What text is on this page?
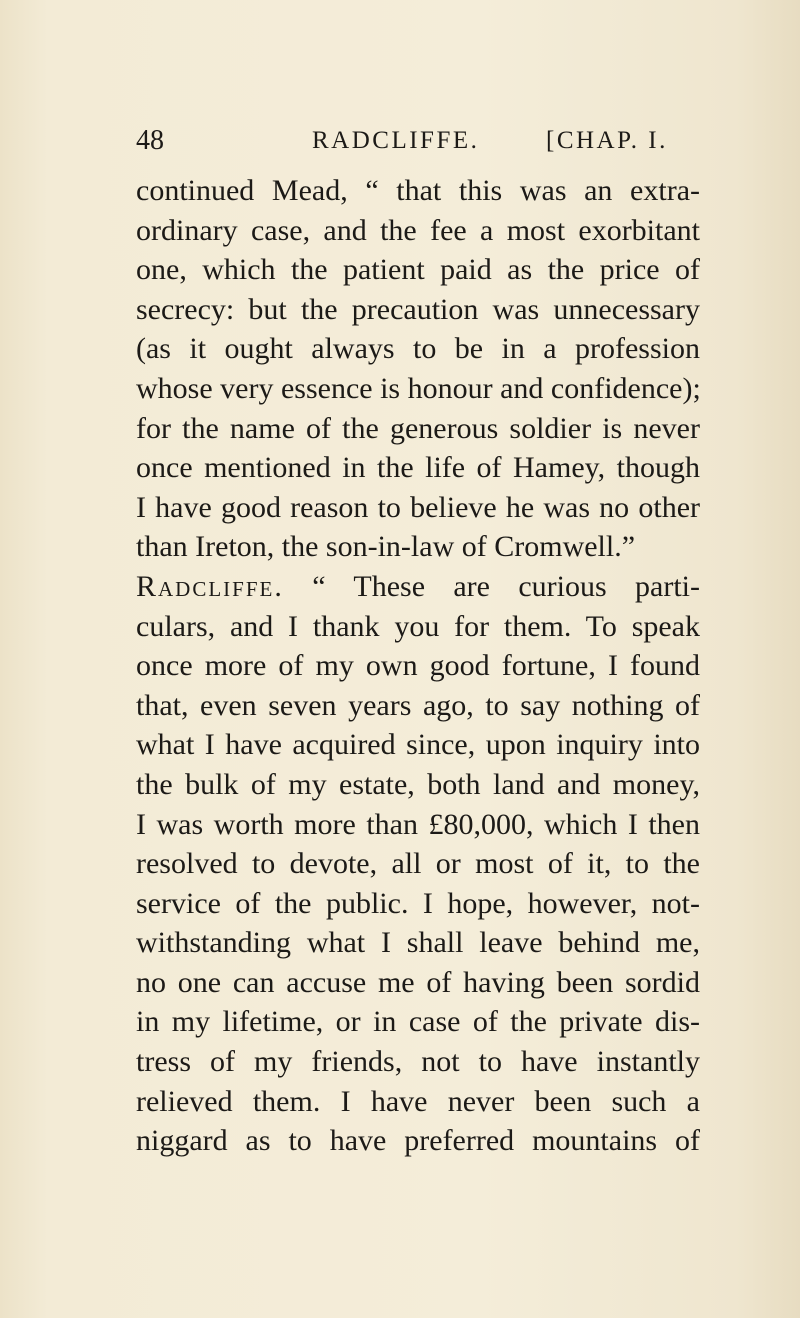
48	RADCLIFFE.	[CHAP. I.
continued Mead, “ that this was an extra-
ordinary case, and the fee a most exorbitant
one, which the patient paid as the price of
secrecy: but the precaution was unnecessary
(as it ought always to be in a profession
whose very essence is honour and confidence);
for the name of the generous soldier is never
once mentioned in the life of Hamey, though
I have good reason to believe he was no other
than Ireton, the son-in-law of Cromwell.”
Radcliffe. “ These are curious parti-
culars, and I thank you for them. To speak
once more of my own good fortune, I found
that, even seven years ago, to say nothing of
what I have acquired since, upon inquiry into
the bulk of my estate, both land and money,
I was worth more than £80,000, which I then
resolved to devote, all or most of it, to the
service of the public. I hope, however, not-
withstanding what I shall leave behind me,
no one can accuse me of having been sordid
in my lifetime, or in case of the private dis-
tress of my friends, not to have instantly
relieved them. I have never been such a
niggard as to have preferred mountains of
